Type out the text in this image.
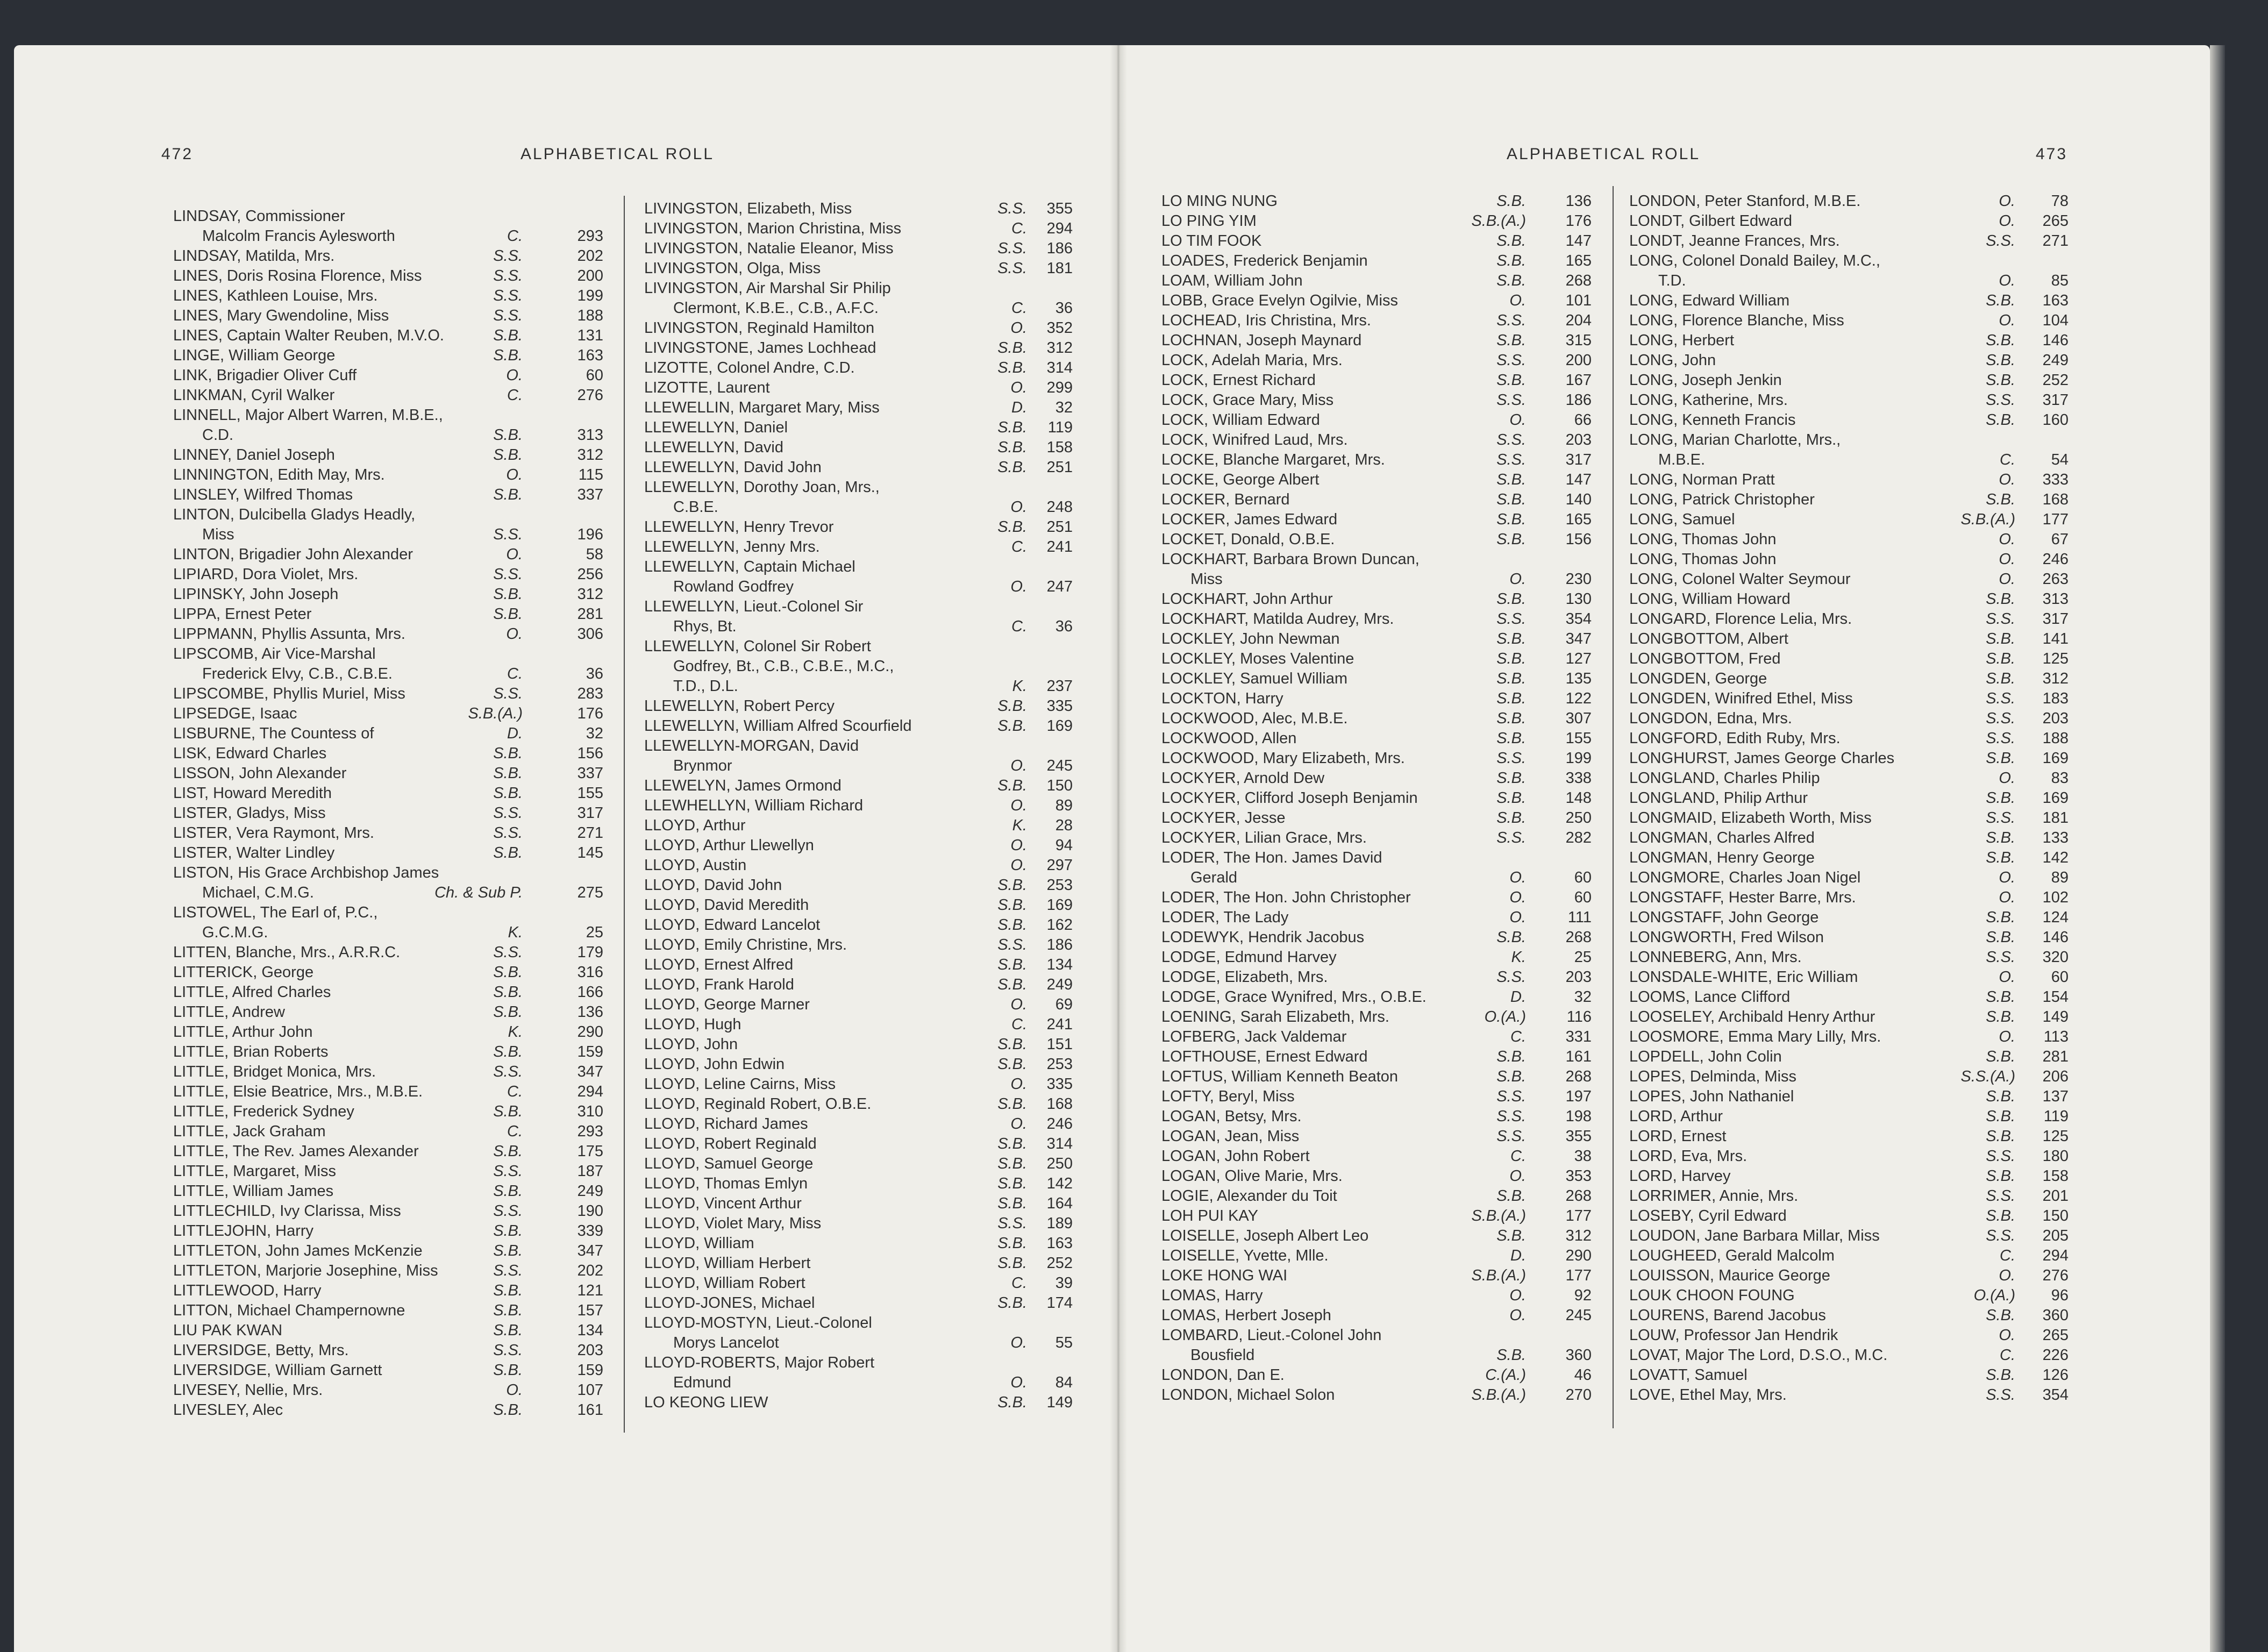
472	ALPHABETICAL ROLL	ALPHABETICAL ROLL	473
LINDSAY, Commissioner
Malcolm Francis Aylesworth	C.	293
LINDSAY, Matilda, Mrs.	S.S.	202
LINES, Doris Rosina Florence, Miss	S.S.	200
LINES, Kathleen Louise, Mrs.	S.S.	199
LINES, Mary Gwendoline, Miss	S.S.	188
LINES, Captain Walter Reuben, M.V.O.	S.B.	131
LINGE, William George	S.B.	163
LINK, Brigadier Oliver Cuff	O.	60
LINKMAN, Cyril Walker	C.	276
LINNELL, Major Albert Warren, M.B.E.,
C.D.	S.B.	313
LINNEY, Daniel Joseph	S.B.	312
LINNINGTON, Edith May, Mrs.	O.	115
LINSLEY, Wilfred Thomas	S.B.	337
LINTON, Dulcibella Gladys Headly,
Miss	S.S.	196
LINTON, Brigadier John Alexander	O.	58
LIPIARD, Dora Violet, Mrs.	S.S.	256
LIPINSKY, John Joseph	S.B.	312
LIPPA, Ernest Peter	S.B.	281
LIPPMANN, Phyllis Assunta, Mrs.	O.	306
LIPSCOMB, Air Vice-Marshal
Frederick Elvy, C.B., C.B.E.	C.	36
LIPSCOMBE, Phyllis Muriel, Miss	S.S.	283
LIPSEDGE, Isaac	S.B.(A.)	176
LISBURNE, The Countess of	D.	32
LISK, Edward Charles	S.B.	156
LISSON, John Alexander	S.B.	337
LIST, Howard Meredith	S.B.	155
LISTER, Gladys, Miss	S.S.	317
LISTER, Vera Raymont, Mrs.	S.S.	271
LISTER, Walter Lindley	S.B.	145
LISTON, His Grace Archbishop James
Michael, C.M.G.	Ch. & Sub P.	275
LISTOWEL, The Earl of, P.C.,
G.C.M.G.	K.	25
LITTEN, Blanche, Mrs., A.R.R.C.	S.S.	179
LITTERICK, George	S.B.	316
LITTLE, Alfred Charles	S.B.	166
LITTLE, Andrew	S.B.	136
LITTLE, Arthur John	K.	290
LITTLE, Brian Roberts	S.B.	159
LITTLE, Bridget Monica, Mrs.	S.S.	347
LITTLE, Elsie Beatrice, Mrs., M.B.E.	C.	294
LITTLE, Frederick Sydney	S.B.	310
LITTLE, Jack Graham	C.	293
LITTLE, The Rev. James Alexander	S.B.	175
LITTLE, Margaret, Miss	S.S.	187
LITTLE, William James	S.B.	249
LITTLECHILD, Ivy Clarissa, Miss	S.S.	190
LITTLEJOHN, Harry	S.B.	339
LITTLETON, John James McKenzie	S.B.	347
LITTLETON, Marjorie Josephine, Miss	S.S.	202
LITTLEWOOD, Harry	S.B.	121
LITTON, Michael Champernowne	S.B.	157
LIU PAK KWAN	S.B.	134
LIVERSIDGE, Betty, Mrs.	S.S.	203
LIVERSIDGE, William Garnett	S.B.	159
LIVESEY, Nellie, Mrs.	O.	107
LIVESLEY, Alec	S.B.	161
LIVINGSTON, Elizabeth, Miss	S.S. 355
LIVINGSTON, Marion Christina, Miss	C. 294
LIVINGSTON, Natalie Eleanor, Miss	S.S. 186
LIVINGSTON, Olga, Miss	S.S. 181
LIVINGSTON, Air Marshal Sir Philip
Clermont, K.B.E., C.B., A.F.C.	C. 36
LIVINGSTON, Reginald Hamilton	O. 352
LIVINGSTONE, James Lochhead	S.B. 312
LIZOTTE, Colonel Andre, C.D.	S.B. 314
LIZOTTE, Laurent	O. 299
LLEWELLIN, Margaret Mary, Miss	D. 32
LLEWELLYN, Daniel	S.B. 119
LLEWELLYN, David	S.B. 158
LLEWELLYN, David John	S.B. 251
LLEWELLYN, Dorothy Joan, Mrs.,
C.B.E.	O. 248
LLEWELLYN, Henry Trevor	S.B. 251
LLEWELLYN, Jenny Mrs.	C. 241
LLEWELLYN, Captain Michael
Rowland Godfrey	O. 247
LLEWELLYN, Lieut.-Colonel Sir
Rhys, Bt.	C. 36
LLEWELLYN, Colonel Sir Robert
Godfrey, Bt., C.B., C.B.E., M.C.,
T.D., D.L.	K. 237
LLEWELLYN, Robert Percy	S.B. 335
LLEWELLYN, William Alfred Scourfield	S.B. 169
LLEWELLYN-MORGAN, David
Brynmor	O. 245
LLEWELYN, James Ormond	S.B. 150
LLEWHELLYN, William Richard	O. 89
LLOYD, Arthur	K. 28
LLOYD, Arthur Llewellyn	O. 94
LLOYD, Austin	O. 297
LLOYD, David John	S.B. 253
LLOYD, David Meredith	S.B. 169
LLOYD, Edward Lancelot	S.B. 162
LLOYD, Emily Christine, Mrs.	S.S. 186
LLOYD, Ernest Alfred	S.B. 134
LLOYD, Frank Harold	S.B. 249
LLOYD, George Marner	O. 69
LLOYD, Hugh	C. 241
LLOYD, John	S.B. 151
LLOYD, John Edwin	S.B. 253
LLOYD, Leline Cairns, Miss	O. 335
LLOYD, Reginald Robert, O.B.E.	S.B. 168
LLOYD, Richard James	O. 246
LLOYD, Robert Reginald	S.B. 314
LLOYD, Samuel George	S.B. 250
LLOYD, Thomas Emlyn	S.B. 142
LLOYD, Vincent Arthur	S.B. 164
LLOYD, Violet Mary, Miss	S.S. 189
LLOYD, William	S.B. 163
LLOYD, William Herbert	S.B. 252
LLOYD, William Robert	C. 39
LLOYD-JONES, Michael	S.B. 174
LLOYD-MOSTYN, Lieut.-Colonel
Morys Lancelot	O. 55
LLOYD-ROBERTS, Major Robert
Edmund	O. 84
LO KEONG LIEW	S.B. 149
LO MING NUNG	S.B.	136
LO PING YIM	S.B.(A.)	176
LO TIM FOOK	S.B.	147
LOADES, Frederick Benjamin	S.B.	165
LOAM, William John	S.B.	268
LOBB, Grace Evelyn Ogilvie, Miss	O.	101
LOCHEAD, Iris Christina, Mrs.	S.S.	204
LOCHNAN, Joseph Maynard	S.B.	315
LOCK, Adelah Maria, Mrs.	S.S.	200
LOCK, Ernest Richard	S.B.	167
LOCK, Grace Mary, Miss	S.S.	186
LOCK, William Edward	O.	66
LOCK, Winifred Laud, Mrs.	S.S.	203
LOCKE, Blanche Margaret, Mrs.	S.S.	317
LOCKE, George Albert	S.B.	147
LOCKER, Bernard	S.B.	140
LOCKER, James Edward	S.B.	165
LOCKET, Donald, O.B.E.	S.B.	156
LOCKHART, Barbara Brown Duncan,
Miss	O.	230
LOCKHART, John Arthur	S.B.	130
LOCKHART, Matilda Audrey, Mrs.	S.S.	354
LOCKLEY, John Newman	S.B.	347
LOCKLEY, Moses Valentine	S.B.	127
LOCKLEY, Samuel William	S.B.	135
LOCKTON, Harry	S.B.	122
LOCKWOOD, Alec, M.B.E.	S.B.	307
LOCKWOOD, Allen	S.B.	155
LOCKWOOD, Mary Elizabeth, Mrs.	S.S.	199
LOCKYER, Arnold Dew	S.B.	338
LOCKYER, Clifford Joseph Benjamin	S.B.	148
LOCKYER, Jesse	S.B.	250
LOCKYER, Lilian Grace, Mrs.	S.S.	282
LODER, The Hon. James David
Gerald	O.	60
LODER, The Hon. John Christopher	O.	60
LODER, The Lady	O.	111
LODEWYK, Hendrik Jacobus	S.B.	268
LODGE, Edmund Harvey	K.	25
LODGE, Elizabeth, Mrs.	S.S.	203
LODGE, Grace Wynifred, Mrs., O.B.E.	D.	32
LOENING, Sarah Elizabeth, Mrs.	O.(A.)	116
LOFBERG, Jack Valdemar	C.	331
LOFTHOUSE, Ernest Edward	S.B.	161
LOFTUS, William Kenneth Beaton	S.B.	268
LOFTY, Beryl, Miss	S.S.	197
LOGAN, Betsy, Mrs.	S.S.	198
LOGAN, Jean, Miss	S.S.	355
LOGAN, John Robert	C.	38
LOGAN, Olive Marie, Mrs.	O.	353
LOGIE, Alexander du Toit	S.B.	268
LOH PUI KAY	S.B.(A.)	177
LOISELLE, Joseph Albert Leo	S.B.	312
LOISELLE, Yvette, Mlle.	D.	290
LOKE HONG WAI	S.B.(A.)	177
LOMAS, Harry	O.	92
LOMAS, Herbert Joseph	O.	245
LOMBARD, Lieut.-Colonel John
Bousfield	S.B.	360
LONDON, Dan E.	C.(A.)	46
LONDON, Michael Solon	S.B.(A.)	270
LONDON, Peter Stanford, M.B.E.	O. 78
LONDT, Gilbert Edward	O. 265
LONDT, Jeanne Frances, Mrs.	S.S. 271
LONG, Colonel Donald Bailey, M.C.,
T.D.	O. 85
LONG, Edward William	S.B. 163
LONG, Florence Blanche, Miss	O. 104
LONG, Herbert	S.B. 146
LONG, John	S.B. 249
LONG, Joseph Jenkin	S.B. 252
LONG, Katherine, Mrs.	S.S. 317
LONG, Kenneth Francis	S.B. 160
LONG, Marian Charlotte, Mrs.,
M.B.E.	C. 54
LONG, Norman Pratt	O. 333
LONG, Patrick Christopher	S.B. 168
LONG, Samuel	S.B.(A.) 177
LONG, Thomas John	O. 67
LONG, Thomas John	O. 246
LONG, Colonel Walter Seymour	O. 263
LONG, William Howard	S.B. 313
LONGARD, Florence Lelia, Mrs.	S.S. 317
LONGBOTTOM, Albert	S.B. 141
LONGBOTTOM, Fred	S.B. 125
LONGDEN, George	S.B. 312
LONGDEN, Winifred Ethel, Miss	S.S. 183
LONGDON, Edna, Mrs.	S.S. 203
LONGFORD, Edith Ruby, Mrs.	S.S. 188
LONGHURST, James George Charles	S.B. 169
LONGLAND, Charles Philip	O. 83
LONGLAND, Philip Arthur	S.B. 169
LONGMAID, Elizabeth Worth, Miss	S.S. 181
LONGMAN, Charles Alfred	S.B. 133
LONGMAN, Henry George	S.B. 142
LONGMORE, Charles Joan Nigel	O. 89
LONGSTAFF, Hester Barre, Mrs.	O. 102
LONGSTAFF, John George	S.B. 124
LONGWORTH, Fred Wilson	S.B. 146
LONNEBERG, Ann, Mrs.	S.S. 320
LONSDALE-WHITE, Eric William	O. 60
LOOMS, Lance Clifford	S.B. 154
LOOSELEY, Archibald Henry Arthur	S.B. 149
LOOSMORE, Emma Mary Lilly, Mrs.	O. 113
LOPDELL, John Colin	S.B. 281
LOPES, Delminda, Miss	S.S.(A.) 206
LOPES, John Nathaniel	S.B. 137
LORD, Arthur	S.B. 119
LORD, Ernest	S.B. 125
LORD, Eva, Mrs.	S.S. 180
LORD, Harvey	S.B. 158
LORRIMER, Annie, Mrs.	S.S. 201
LOSEBY, Cyril Edward	S.B. 150
LOUDON, Jane Barbara Millar, Miss	S.S. 205
LOUGHEED, Gerald Malcolm	C. 294
LOUISSON, Maurice George	O. 276
LOUK CHOON FOUNG	O.(A.) 96
LOURENS, Barend Jacobus	S.B. 360
LOUW, Professor Jan Hendrik	O. 265
LOVAT, Major The Lord, D.S.O., M.C.	C. 226
LOVATT, Samuel	S.B. 126
LOVE, Ethel May, Mrs.	S.S. 354
